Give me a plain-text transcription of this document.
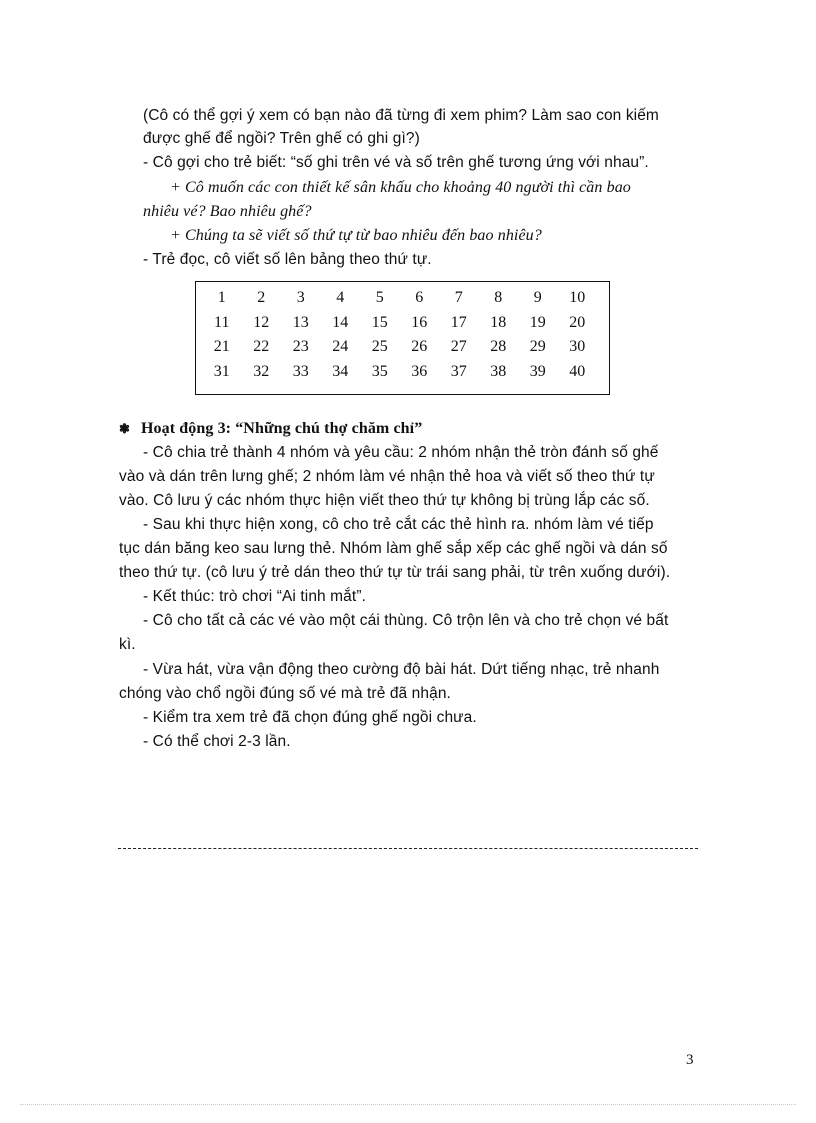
(Cô có thể gợi ý xem có bạn nào đã từng đi xem phim? Làm sao con kiếm
được ghế để ngồi? Trên ghế có ghi gì?)
- Cô gợi cho trẻ biết: “số ghi trên vé và số trên ghế tương ứng với nhau”.
+ Cô muốn các con thiết kế sân khấu cho khoảng 40 người thì cần bao
nhiêu vé? Bao nhiêu ghế?
+ Chúng ta sẽ viết số thứ tự từ bao nhiêu đến bao nhiêu?
- Trẻ đọc, cô viết số lên bảng theo thứ tự.
1	2	3	4	5	6	7	8	9	10
11	12	13	14	15	16	17	18	19	20
21	22	23	24	25	26	27	28	29	30
31	32	33	34	35	36	37	38	39	40
❃ Hoạt động 3: “Những chú thợ chăm chỉ”
- Cô chia trẻ thành 4 nhóm và yêu cầu: 2 nhóm nhận thẻ tròn đánh số ghế
vào và dán trên lưng ghế; 2 nhóm làm vé nhận thẻ hoa và viết số theo thứ tự
vào. Cô lưu ý các nhóm thực hiện viết theo thứ tự không bị trùng lắp các số.
- Sau khi thực hiện xong, cô cho trẻ cắt các thẻ hình ra. nhóm làm vé tiếp
tục dán băng keo sau lưng thẻ. Nhóm làm ghế sắp xếp các ghế ngồi và dán số
theo thứ tự. (cô lưu ý trẻ dán theo thứ tự từ trái sang phải, từ trên xuống dưới).
- Kết thúc: trò chơi “Ai tinh mắt”.
- Cô cho tất cả các vé vào một cái thùng. Cô trộn lên và cho trẻ chọn vé bất
kì.
- Vừa hát, vừa vận động theo cường độ bài hát. Dứt tiếng nhạc, trẻ nhanh
chóng vào chổ ngồi đúng số vé mà trẻ đã nhận.
- Kiểm tra xem trẻ đã chọn đúng ghế ngồi chưa.
- Có thể chơi 2-3 lần.
3
